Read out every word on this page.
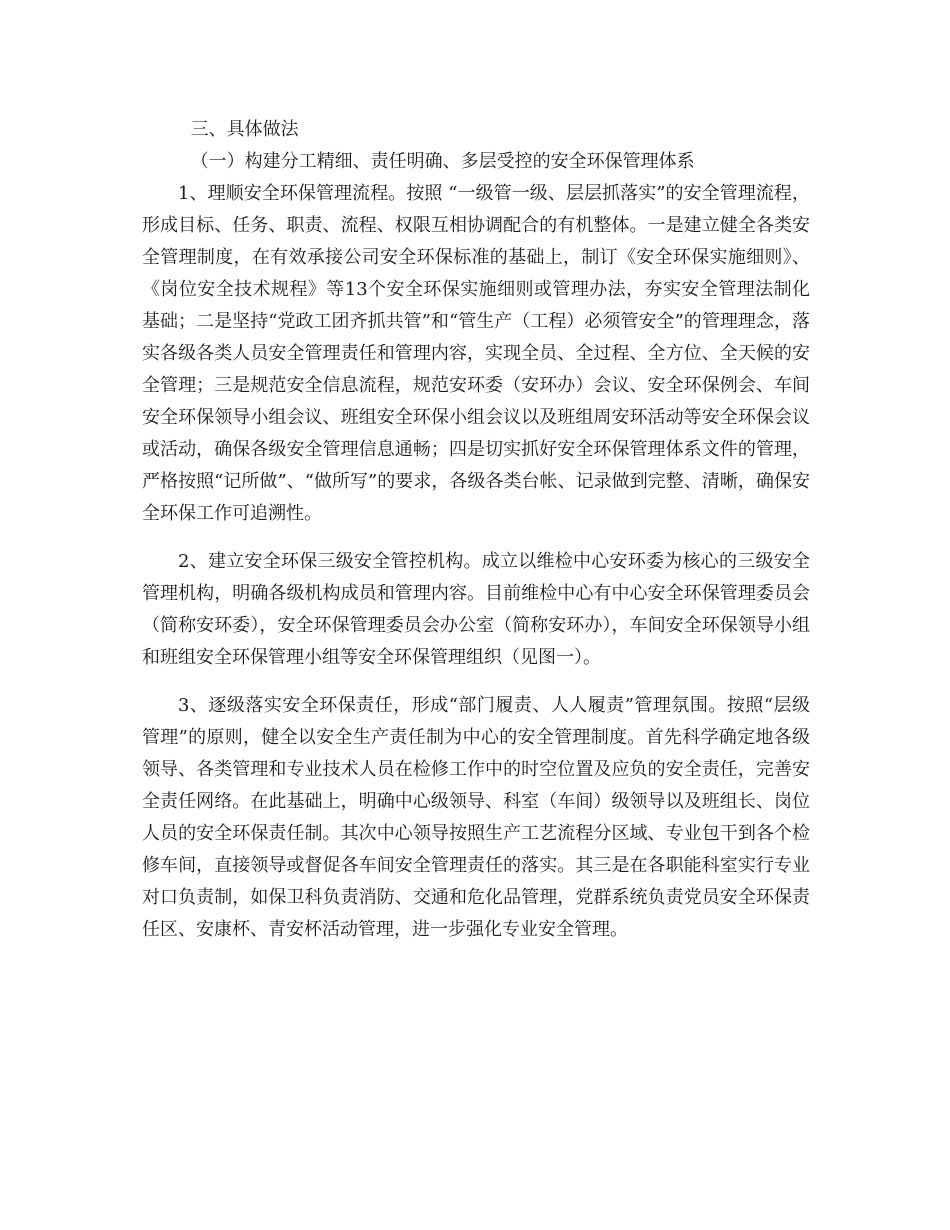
三、具体做法

（一）构建分工精细、责任明确、多层受控的安全环保管理体系

1、理顺安全环保管理流程。按照 “一级管一级、层层抓落实”的安全管理流程，形成目标、任务、职责、流程、权限互相协调配合的有机整体。一是建立健全各类安全管理制度，在有效承接公司安全环保标准的基础上，制订《安全环保实施细则》、《岗位安全技术规程》等13个安全环保实施细则或管理办法，夯实安全管理法制化基础；二是坚持“党政工团齐抓共管”和“管生产（工程）必须管安全”的管理理念，落实各级各类人员安全管理责任和管理内容，实现全员、全过程、全方位、全天候的安全管理；三是规范安全信息流程，规范安环委（安环办）会议、安全环保例会、车间安全环保领导小组会议、班组安全环保小组会议以及班组周安环活动等安全环保会议或活动，确保各级安全管理信息通畅；四是切实抓好安全环保管理体系文件的管理，严格按照“记所做”、“做所写”的要求，各级各类台帐、记录做到完整、清晰，确保安全环保工作可追溯性。

2、建立安全环保三级安全管控机构。成立以维检中心安环委为核心的三级安全管理机构，明确各级机构成员和管理内容。目前维检中心有中心安全环保管理委员会（简称安环委），安全环保管理委员会办公室（简称安环办），车间安全环保领导小组和班组安全环保管理小组等安全环保管理组织（见图一）。

3、逐级落实安全环保责任，形成“部门履责、人人履责”管理氛围。按照“层级管理”的原则，健全以安全生产责任制为中心的安全管理制度。首先科学确定地各级领导、各类管理和专业技术人员在检修工作中的时空位置及应负的安全责任，完善安全责任网络。在此基础上，明确中心级领导、科室（车间）级领导以及班组长、岗位人员的安全环保责任制。其次中心领导按照生产工艺流程分区域、专业包干到各个检修车间，直接领导或督促各车间安全管理责任的落实。其三是在各职能科室实行专业对口负责制，如保卫科负责消防、交通和危化品管理，党群系统负责党员安全环保责任区、安康杯、青安杯活动管理，进一步强化专业安全管理。
